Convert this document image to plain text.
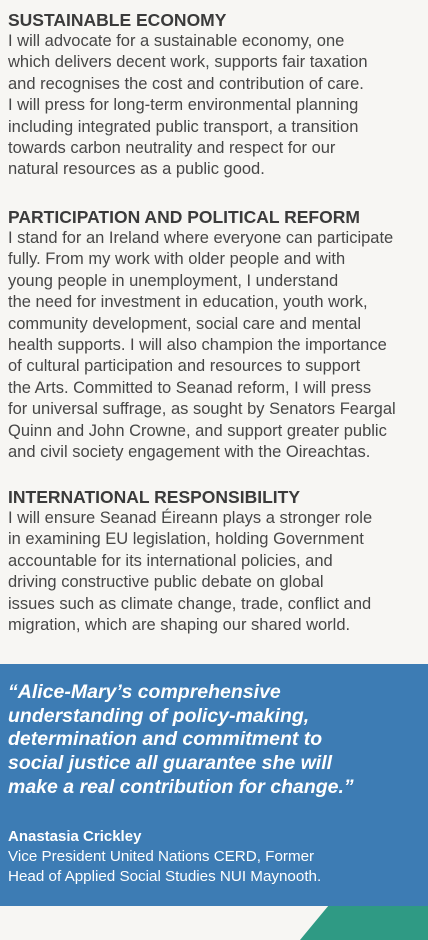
SUSTAINABLE ECONOMY
I will advocate for a sustainable economy, one
which delivers decent work, supports fair taxation
and recognises the cost and contribution of care.
I will press for long-term environmental planning
including integrated public transport, a transition
towards carbon neutrality and respect for our
natural resources as a public good.
PARTICIPATION AND POLITICAL REFORM
I stand for an Ireland where everyone can participate
fully. From my work with older people and with
young people in unemployment, I understand
the need for investment in education, youth work,
community development, social care and mental
health supports. I will also champion the importance
of cultural participation and resources to support
the Arts. Committed to Seanad reform, I will press
for universal suffrage, as sought by Senators Feargal
Quinn and John Crowne, and support greater public
and civil society engagement with the Oireachtas.
INTERNATIONAL RESPONSIBILITY
I will ensure Seanad Éireann plays a stronger role
in examining EU legislation, holding Government
accountable for its international policies, and
driving constructive public debate on global
issues such as climate change, trade, conflict and
migration, which are shaping our shared world.
“Alice-Mary’s comprehensive
understanding of policy-making,
determination and commitment to
social justice all guarantee she will
make a real contribution for change.”
Anastasia Crickley
Vice President United Nations CERD, Former
Head of Applied Social Studies NUI Maynooth.
